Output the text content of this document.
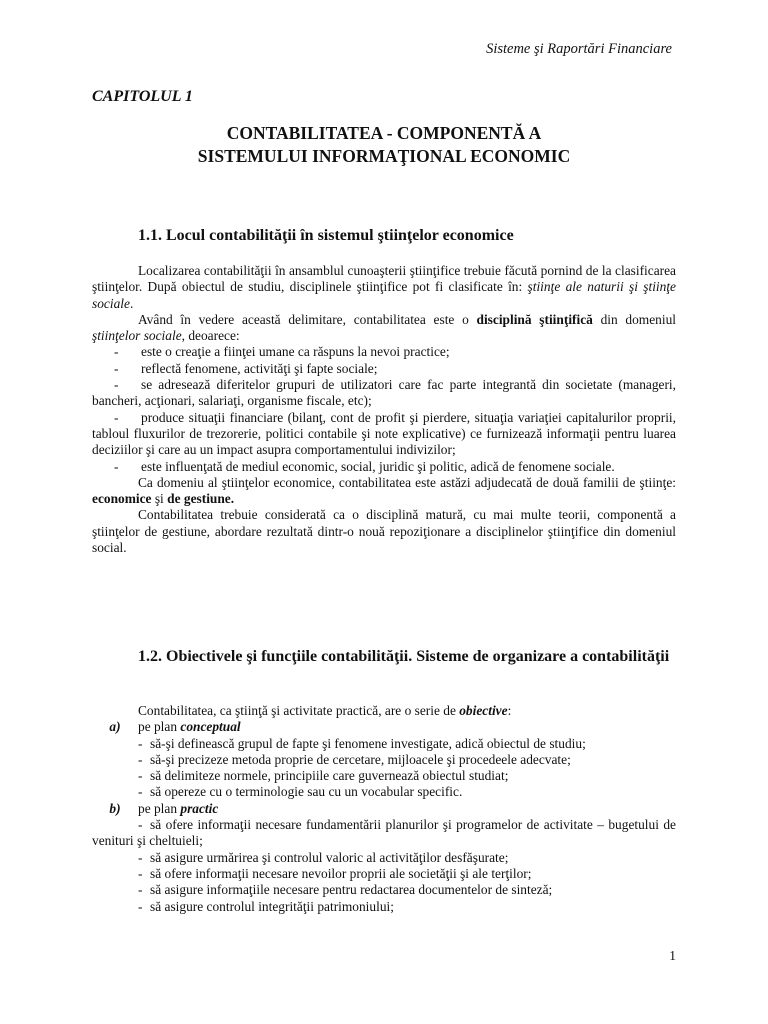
Sisteme şi Raportări Financiare
CAPITOLUL 1
CONTABILITATEA - COMPONENTĂ A
SISTEMULUI INFORMAŢIONAL ECONOMIC
1.1. Locul contabilităţii în sistemul ştiinţelor economice

Localizarea contabilităţii în ansamblul cunoaşterii ştiinţifice trebuie făcută pornind de la clasificarea ştiinţelor. După obiectul de studiu, disciplinele ştiinţifice pot fi clasificate în: ştiinţe ale naturii şi ştiinţe sociale.

Având în vedere această delimitare, contabilitatea este o disciplină ştiinţifică din domeniul ştiinţelor sociale, deoarece:

-	este o creaţie a fiinţei umane ca răspuns la nevoi practice;
-	reflectă fenomene, activităţi şi fapte sociale;

- se adresează diferitelor grupuri de utilizatori care fac parte integrantă din societate (manageri, bancheri, acţionari, salariaţi, organisme fiscale, etc);

- produce situaţii financiare (bilanţ, cont de profit şi pierdere, situaţia variaţiei capitalurilor proprii, tabloul fluxurilor de trezorerie, politici contabile şi note explicative) ce furnizează informaţii pentru luarea deciziilor şi care au un impact asupra comportamentului indivizilor;

- este influenţată de mediul economic, social, juridic şi politic, adică de fenomene sociale.

Ca domeniu al ştiinţelor economice, contabilitatea este astăzi adjudecată de două familii de ştiinţe: economice şi de gestiune.

Contabilitatea trebuie considerată ca o disciplină matură, cu mai multe teorii, componentă a ştiinţelor de gestiune, abordare rezultată dintr-o nouă repoziţionare a disciplinelor ştiinţifice din domeniul social.

1.2. Obiectivele şi funcţiile contabilităţii. Sisteme de organizare a contabilităţii

Contabilitatea, ca ştiinţă şi activitate practică, are o serie de obiective:

a)	pe plan conceptual
- să-şi definească grupul de fapte şi fenomene investigate, adică obiectul de studiu;
- să-şi precizeze metoda proprie de cercetare, mijloacele şi procedeele adecvate;
- să delimiteze normele, principiile care guvernează obiectul studiat;
- să opereze cu o terminologie sau cu un vocabular specific.
b)	pe plan practic

- să ofere informaţii necesare fundamentării planurilor şi programelor de activitate – bugetului de venituri şi cheltuieli;

- să asigure urmărirea şi controlul valoric al activităţilor desfăşurate;
- să ofere informaţii necesare nevoilor proprii ale societăţii şi ale terţilor;
- să asigure informaţiile necesare pentru redactarea documentelor de sinteză;
- să asigure controlul integrităţii patrimoniului;
1
